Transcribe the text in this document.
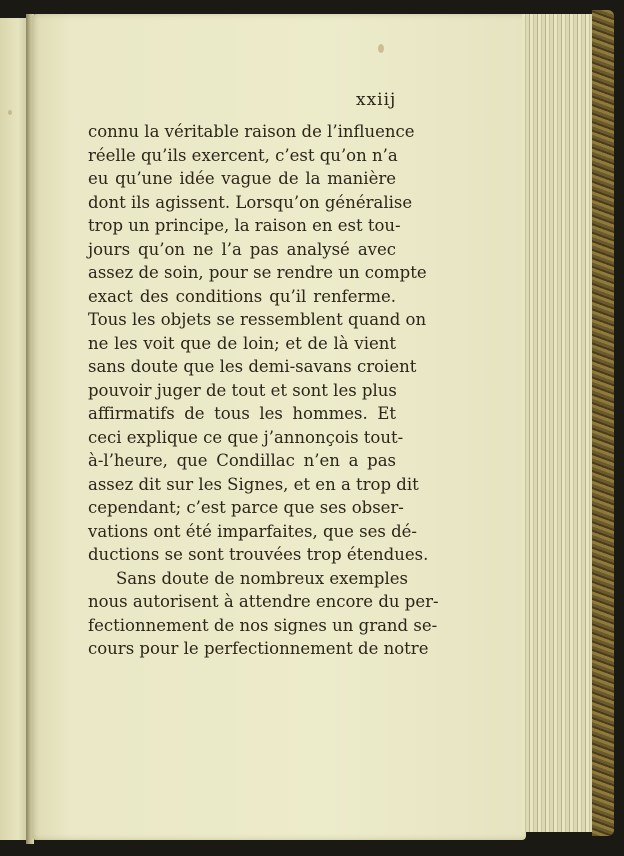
xxiij
connu la véritable raison de l’influence
réelle qu’ils exercent, c’est qu’on n’a
eu qu’une idée vague de la manière
dont ils agissent. Lorsqu’on généralise
trop un principe, la raison en est tou-
jours qu’on ne l’a pas analysé avec
assez de soin, pour se rendre un compte
exact des conditions qu’il renferme.
Tous les objets se ressemblent quand on
ne les voit que de loin; et de là vient
sans doute que les demi-savans croient
pouvoir juger de tout et sont les plus
affirmatifs de tous les hommes. Et
ceci explique ce que j’annonçois tout-
à-l’heure, que Condillac n’en a pas
assez dit sur les Signes, et en a trop dit
cependant; c’est parce que ses obser-
vations ont été imparfaites, que ses dé-
ductions se sont trouvées trop étendues.
Sans doute de nombreux exemples
nous autorisent à attendre encore du per-
fectionnement de nos signes un grand se-
cours pour le perfectionnement de notre
